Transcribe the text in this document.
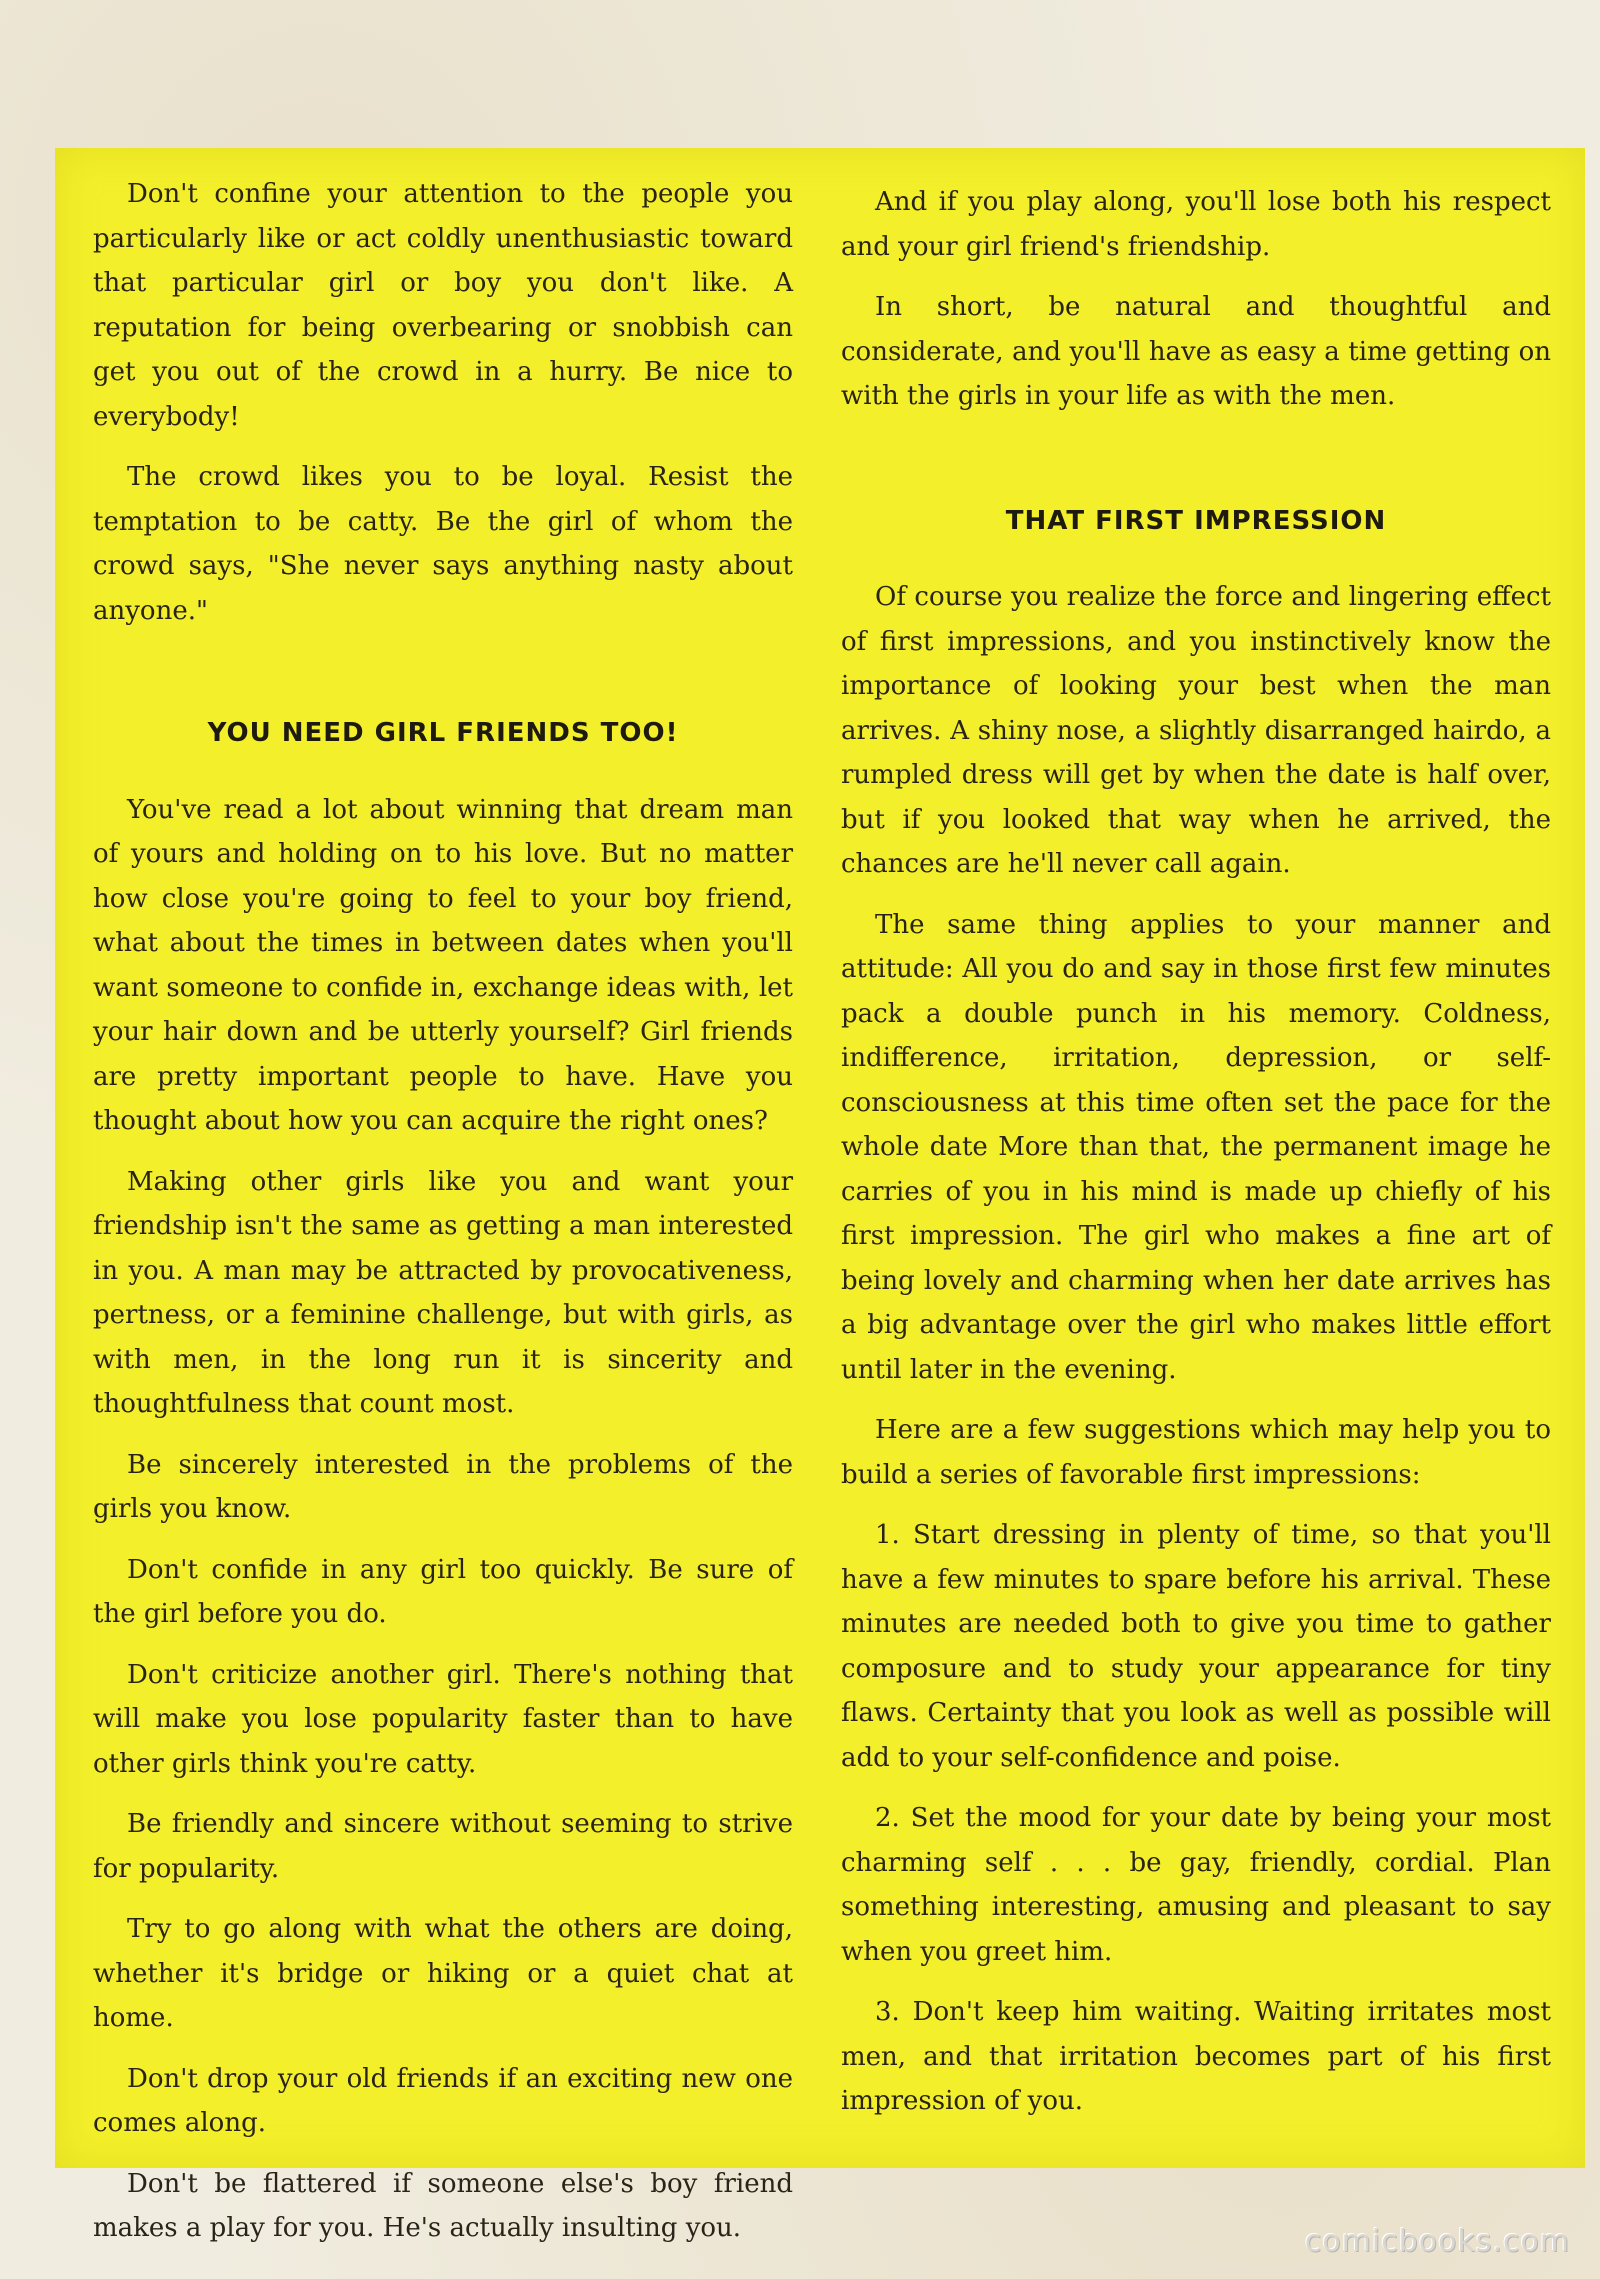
Don't confine your attention to the people you particularly like or act coldly unenthusiastic toward that particular girl or boy you don't like. A reputation for being overbearing or snobbish can get you out of the crowd in a hurry. Be nice to everybody!

The crowd likes you to be loyal. Resist the temptation to be catty. Be the girl of whom the crowd says, "She never says anything nasty about anyone."

YOU NEED GIRL FRIENDS TOO!

You've read a lot about winning that dream man of yours and holding on to his love. But no matter how close you're going to feel to your boy friend, what about the times in between dates when you'll want someone to confide in, exchange ideas with, let your hair down and be utterly yourself? Girl friends are pretty important people to have. Have you thought about how you can acquire the right ones?

Making other girls like you and want your friendship isn't the same as getting a man interested in you. A man may be attracted by provocativeness, pertness, or a feminine challenge, but with girls, as with men, in the long run it is sincerity and thoughtfulness that count most.

Be sincerely interested in the problems of the girls you know.

Don't confide in any girl too quickly. Be sure of the girl before you do.

Don't criticize another girl. There's nothing that will make you lose popularity faster than to have other girls think you're catty.

Be friendly and sincere without seeming to strive for popularity.

Try to go along with what the others are doing, whether it's bridge or hiking or a quiet chat at home.

Don't drop your old friends if an exciting new one comes along.

Don't be flattered if someone else's boy friend makes a play for you. He's actually insulting you.

And if you play along, you'll lose both his respect and your girl friend's friendship.

In short, be natural and thoughtful and considerate, and you'll have as easy a time getting on with the girls in your life as with the men.

THAT FIRST IMPRESSION

Of course you realize the force and lingering effect of first impressions, and you instinctively know the importance of looking your best when the man arrives. A shiny nose, a slightly disarranged hairdo, a rumpled dress will get by when the date is half over, but if you looked that way when he arrived, the chances are he'll never call again.

The same thing applies to your manner and attitude: All you do and say in those first few minutes pack a double punch in his memory. Coldness, indifference, irritation, depression, or self-consciousness at this time often set the pace for the whole date More than that, the permanent image he carries of you in his mind is made up chiefly of his first impression. The girl who makes a fine art of being lovely and charming when her date arrives has a big advantage over the girl who makes little effort until later in the evening.

Here are a few suggestions which may help you to build a series of favorable first impressions:

1. Start dressing in plenty of time, so that you'll have a few minutes to spare before his arrival. These minutes are needed both to give you time to gather composure and to study your appearance for tiny flaws. Certainty that you look as well as possible will add to your self-confidence and poise.

2. Set the mood for your date by being your most charming self . . . be gay, friendly, cordial. Plan something interesting, amusing and pleasant to say when you greet him.

3. Don't keep him waiting. Waiting irritates most men, and that irritation becomes part of his first impression of you.

comicbooks.com
